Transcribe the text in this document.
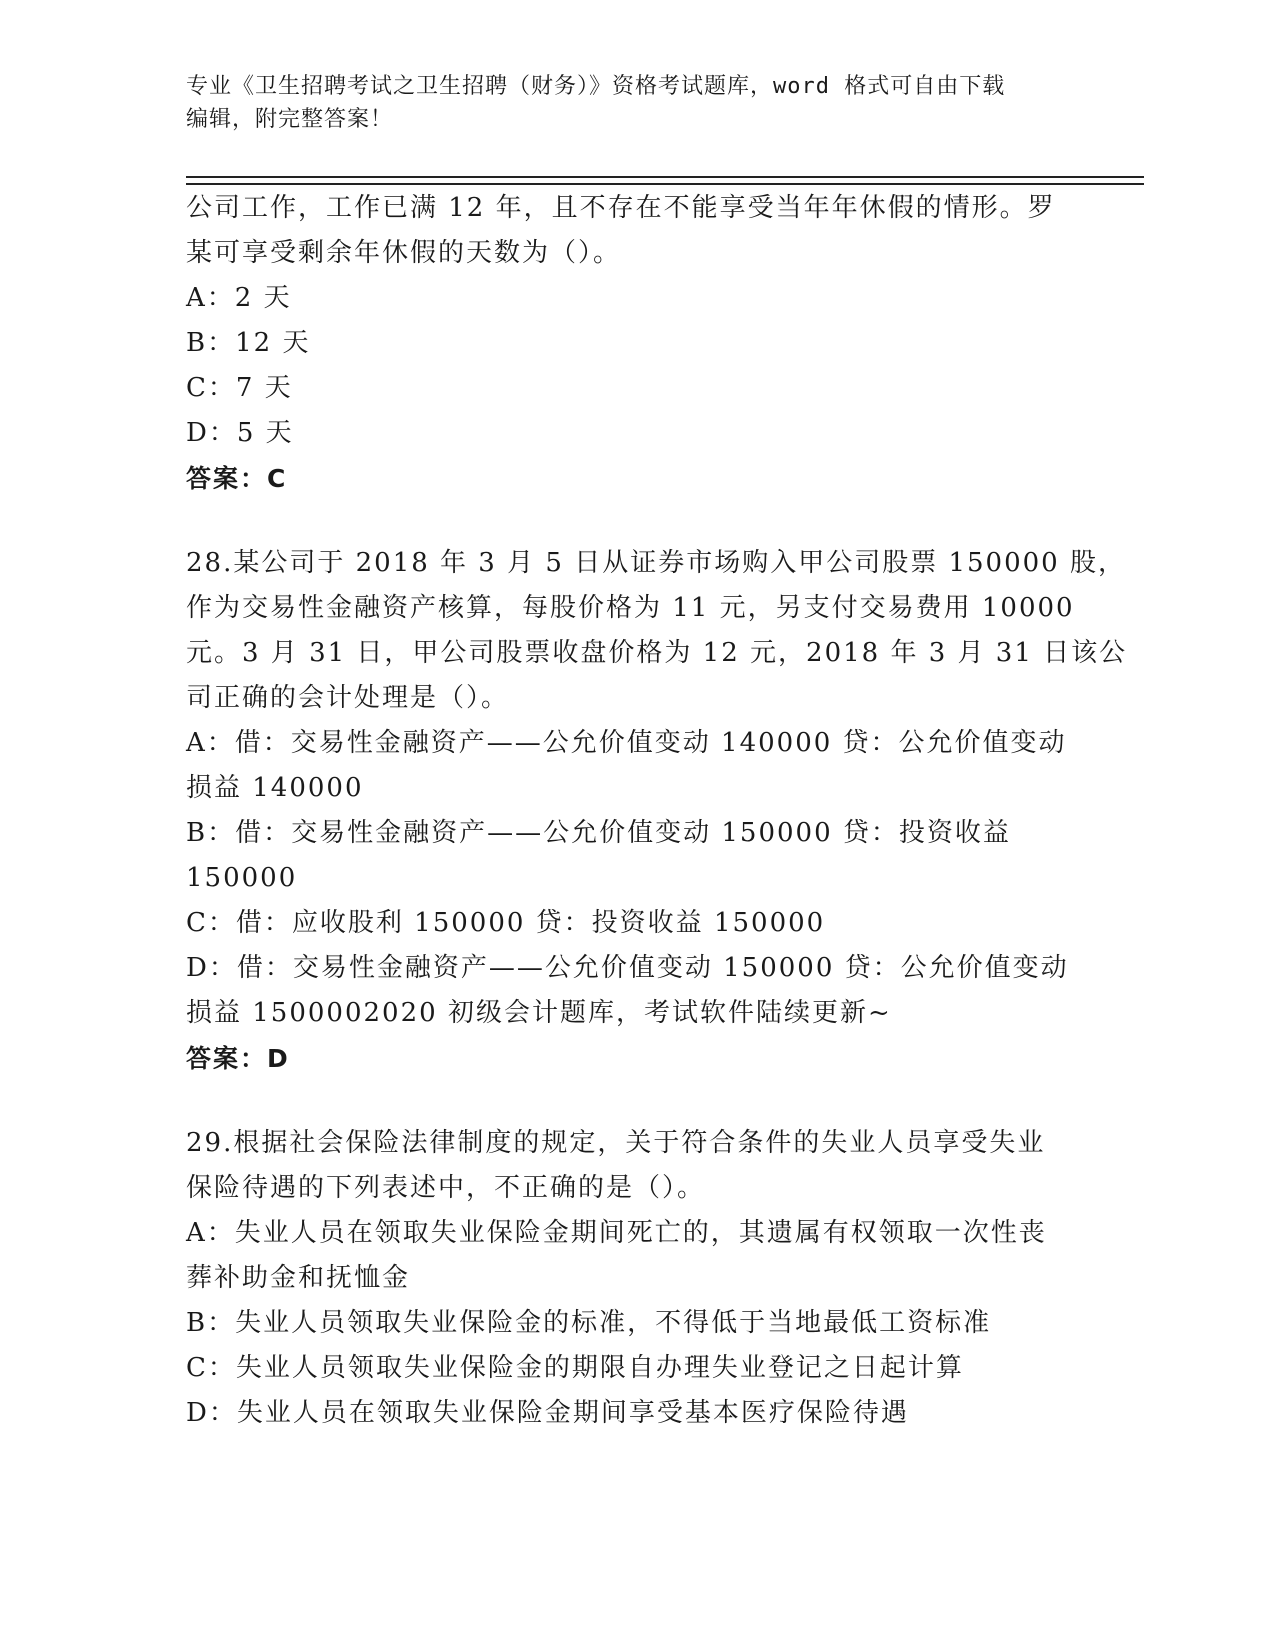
专业《卫生招聘考试之卫生招聘（财务）》资格考试题库，word 格式可自由下载
编辑，附完整答案！
公司工作，工作已满 12 年，且不存在不能享受当年年休假的情形。罗
某可享受剩余年休假的天数为（）。
A：2 天
B：12 天
C：7 天
D：5 天
答案：C
28.某公司于 2018 年 3 月 5 日从证券市场购入甲公司股票 150000 股，
作为交易性金融资产核算，每股价格为 11 元，另支付交易费用 10000
元。3 月 31 日，甲公司股票收盘价格为 12 元，2018 年 3 月 31 日该公
司正确的会计处理是（）。
A：借：交易性金融资产——公允价值变动 140000 贷：公允价值变动
损益 140000
B：借：交易性金融资产——公允价值变动 150000 贷：投资收益
150000
C：借：应收股利 150000 贷：投资收益 150000
D：借：交易性金融资产——公允价值变动 150000 贷：公允价值变动
损益 1500002020 初级会计题库，考试软件陆续更新~
答案：D
29.根据社会保险法律制度的规定，关于符合条件的失业人员享受失业
保险待遇的下列表述中，不正确的是（）。
A：失业人员在领取失业保险金期间死亡的，其遗属有权领取一次性丧
葬补助金和抚恤金
B：失业人员领取失业保险金的标准，不得低于当地最低工资标准
C：失业人员领取失业保险金的期限自办理失业登记之日起计算
D：失业人员在领取失业保险金期间享受基本医疗保险待遇
